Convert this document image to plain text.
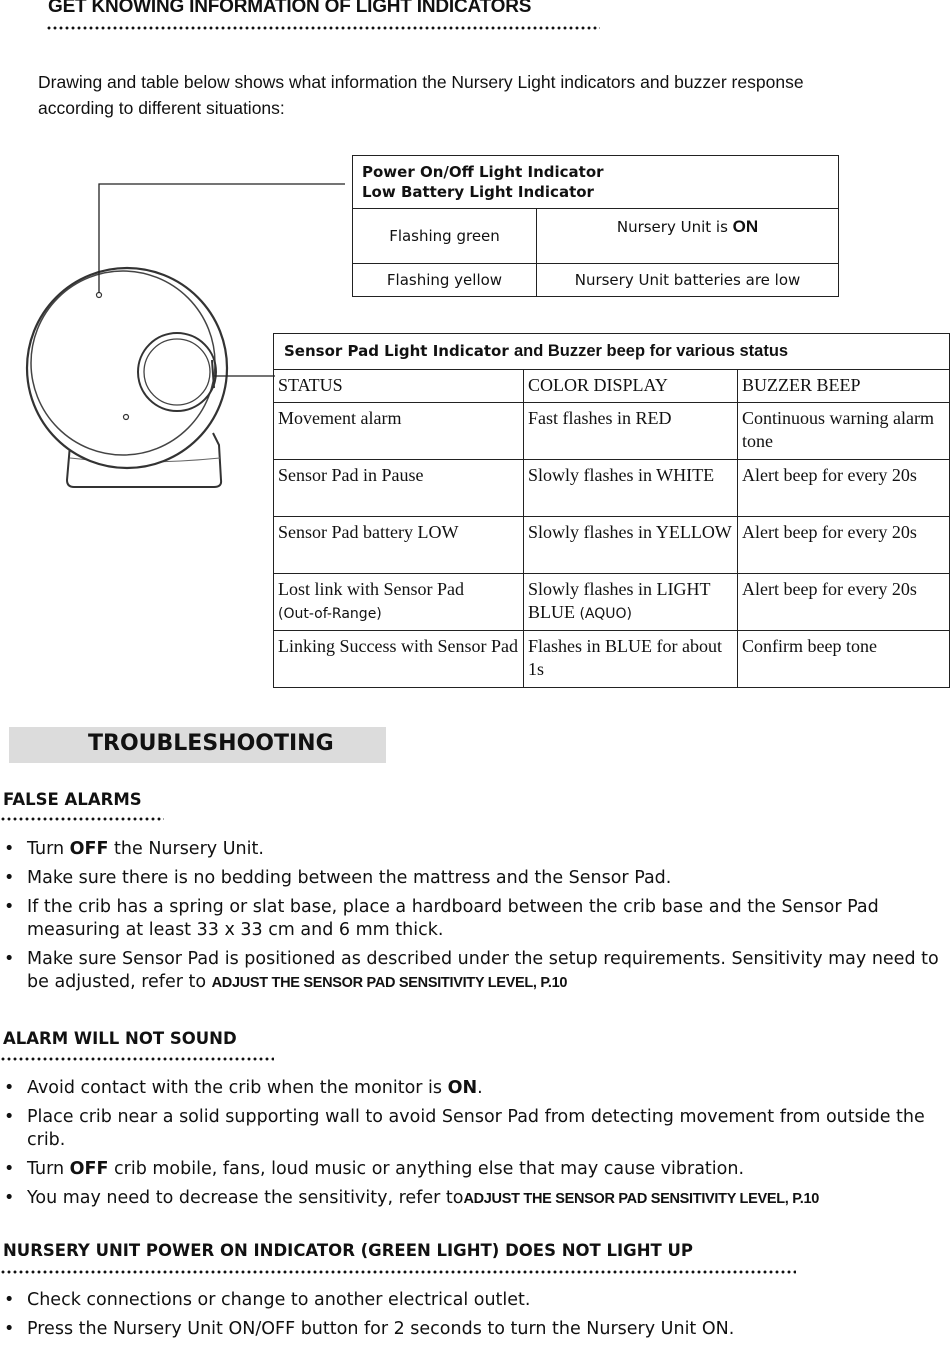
GET KNOWING INFORMATION OF LIGHT INDICATORS
Drawing and table below shows what information the Nursery Light indicators and buzzer response according to different situations:
Power On/Off Light Indicator
Low Battery Light Indicator	
Flashing green	Nursery Unit is ON
Flashing yellow	Nursery Unit batteries are low
Sensor Pad Light Indicator and Buzzer beep for various status		
STATUS	COLOR DISPLAY	BUZZER BEEP
Movement alarm	Fast flashes in RED	Continuous warning alarm tone
Sensor Pad in Pause	Slowly flashes in WHITE	Alert beep for every 20s
Sensor Pad battery LOW	Slowly flashes in YELLOW	Alert beep for every 20s
Lost link with Sensor Pad
(Out-of-Range)	Slowly flashes in LIGHT BLUE (AQUO)	Alert beep for every 20s
Linking Success with Sensor Pad	Flashes in BLUE for about 1s	Confirm beep tone
TROUBLESHOOTING
FALSE ALARMS
• Turn OFF the Nursery Unit.
• Make sure there is no bedding between the mattress and the Sensor Pad.
• If the crib has a spring or slat base, place a hardboard between the crib base and the Sensor Pad measuring at least 33 x 33 cm and 6 mm thick.
• Make sure Sensor Pad is positioned as described under the setup requirements. Sensitivity may need to be adjusted, refer to ADJUST THE SENSOR PAD SENSITIVITY LEVEL, P.10
ALARM WILL NOT SOUND
• Avoid contact with the crib when the monitor is ON.
• Place crib near a solid supporting wall to avoid Sensor Pad from detecting movement from outside the crib.
• Turn OFF crib mobile, fans, loud music or anything else that may cause vibration.
• You may need to decrease the sensitivity, refer toADJUST THE SENSOR PAD SENSITIVITY LEVEL, P.10
NURSERY UNIT POWER ON INDICATOR (GREEN LIGHT) DOES NOT LIGHT UP
• Check connections or change to another electrical outlet.
• Press the Nursery Unit ON/OFF button for 2 seconds to turn the Nursery Unit ON.
